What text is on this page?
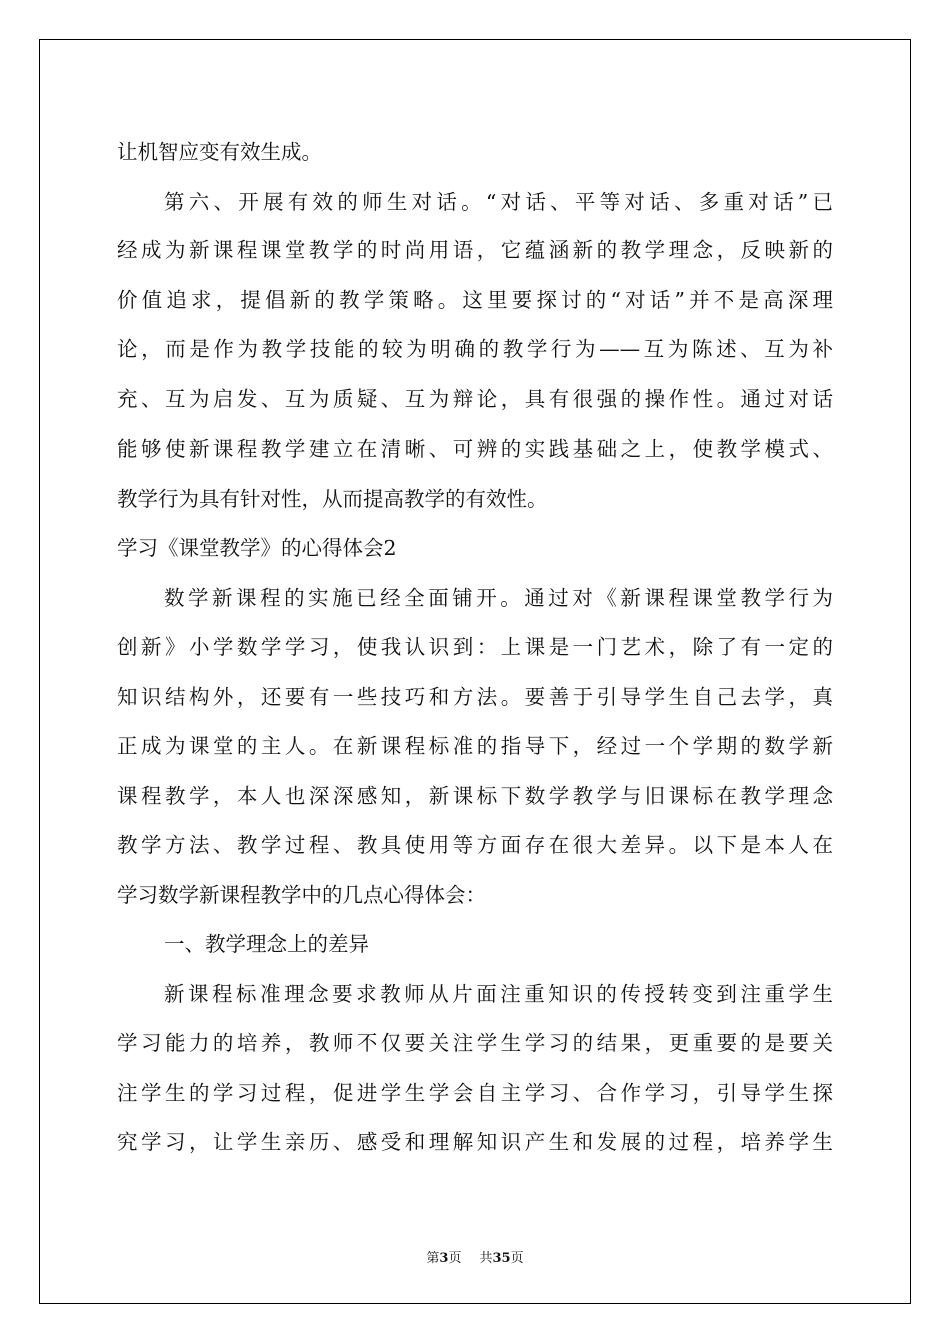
让机智应变有效生成。

第六、开展有效的师生对话。“对话、平等对话、多重对话”已

经成为新课程课堂教学的时尚用语，它蕴涵新的教学理念，反映新的

价值追求，提倡新的教学策略。这里要探讨的“对话”并不是高深理

论，而是作为教学技能的较为明确的教学行为——互为陈述、互为补

充、互为启发、互为质疑、互为辩论，具有很强的操作性。通过对话

能够使新课程教学建立在清晰、可辨的实践基础之上，使教学模式、

教学行为具有针对性，从而提高教学的有效性。

学习《课堂教学》的心得体会2

数学新课程的实施已经全面铺开。通过对《新课程课堂教学行为

创新》小学数学学习，使我认识到：上课是一门艺术，除了有一定的

知识结构外，还要有一些技巧和方法。要善于引导学生自己去学，真

正成为课堂的主人。在新课程标准的指导下，经过一个学期的数学新

课程教学，本人也深深感知，新课标下数学教学与旧课标在教学理念

教学方法、教学过程、教具使用等方面存在很大差异。以下是本人在

学习数学新课程教学中的几点心得体会：

一、教学理念上的差异

新课程标准理念要求教师从片面注重知识的传授转变到注重学生

学习能力的培养，教师不仅要关注学生学习的结果，更重要的是要关

注学生的学习过程，促进学生学会自主学习、合作学习，引导学生探

究学习，让学生亲历、感受和理解知识产生和发展的过程，培养学生

第3页 共35页
